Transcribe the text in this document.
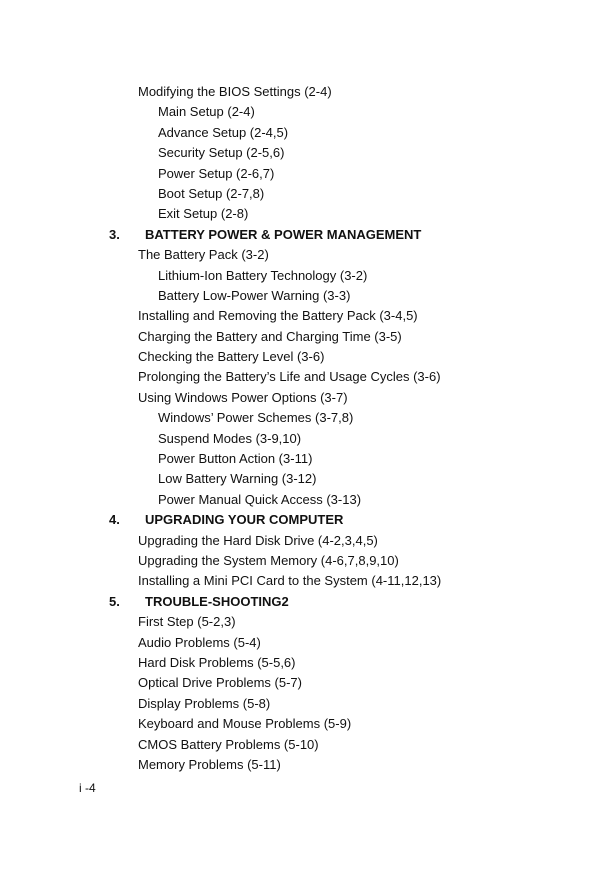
Modifying the BIOS Settings (2-4)
Main Setup (2-4)
Advance Setup (2-4,5)
Security Setup (2-5,6)
Power Setup (2-6,7)
Boot Setup (2-7,8)
Exit Setup (2-8)
3. BATTERY POWER & POWER MANAGEMENT
The Battery Pack (3-2)
Lithium-Ion Battery Technology (3-2)
Battery Low-Power Warning (3-3)
Installing and Removing the Battery Pack (3-4,5)
Charging the Battery and Charging Time (3-5)
Checking the Battery Level (3-6)
Prolonging the Battery’s Life and Usage Cycles (3-6)
Using Windows Power Options (3-7)
Windows’ Power Schemes (3-7,8)
Suspend Modes (3-9,10)
Power Button Action (3-11)
Low Battery Warning (3-12)
Power Manual Quick Access (3-13)
4. UPGRADING YOUR COMPUTER
Upgrading the Hard Disk Drive (4-2,3,4,5)
Upgrading the System Memory (4-6,7,8,9,10)
Installing a Mini PCI Card to the System (4-11,12,13)
5. TROUBLE-SHOOTING2
First Step (5-2,3)
Audio Problems (5-4)
Hard Disk Problems (5-5,6)
Optical Drive Problems (5-7)
Display Problems (5-8)
Keyboard and Mouse Problems (5-9)
CMOS Battery Problems (5-10)
Memory Problems (5-11)
i -4
